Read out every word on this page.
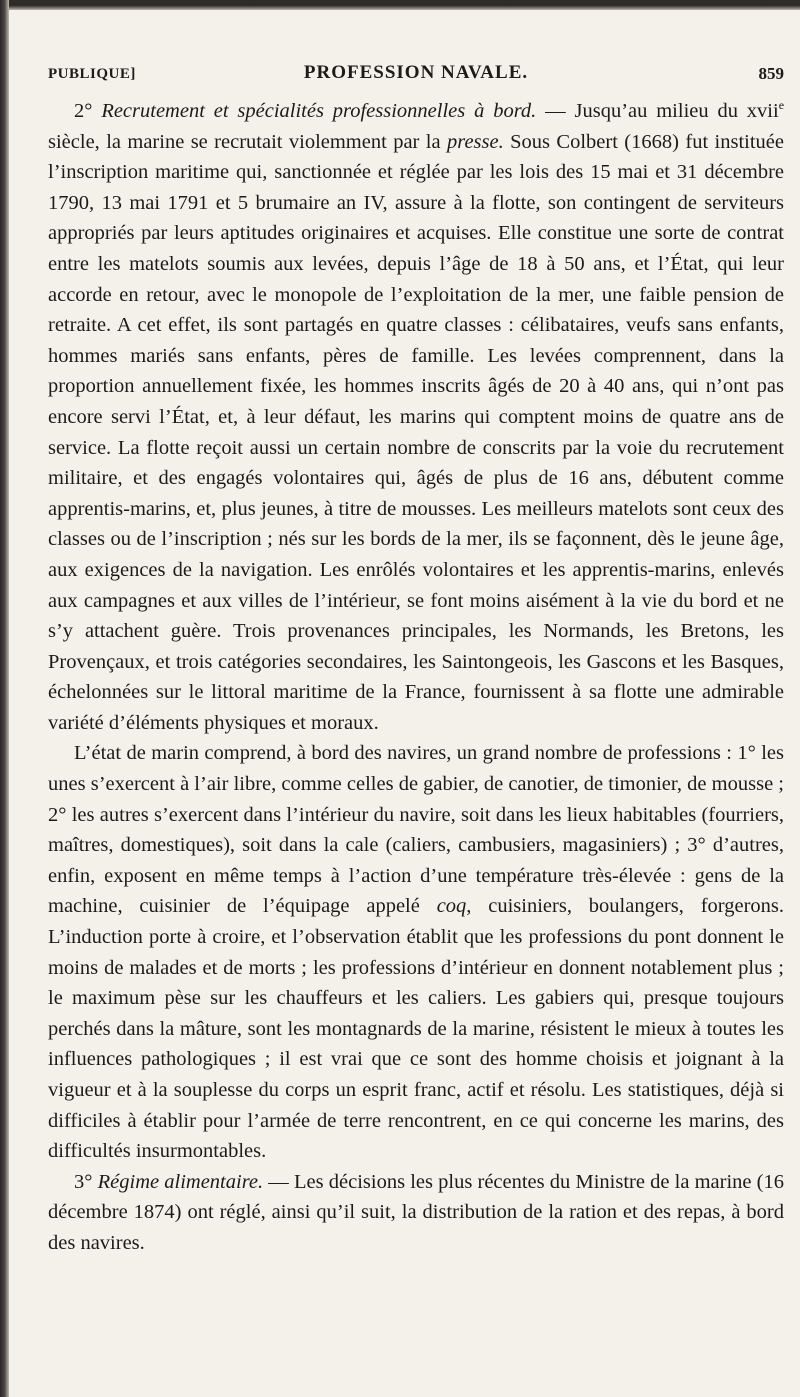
PUBLIQUE]	PROFESSION NAVALE.	859

2° Recrutement et spécialités professionnelles à bord. — Jusqu’au milieu du xvii$^e$ siècle, la marine se recrutait violemment par la presse. Sous Colbert (1668) fut instituée l’inscription maritime qui, sanctionnée et réglée par les lois des 15 mai et 31 décembre 1790, 13 mai 1791 et 5 brumaire an IV, assure à la flotte, son contingent de serviteurs appropriés par leurs aptitudes originaires et acquises. Elle constitue une sorte de contrat entre les matelots soumis aux levées, depuis l’âge de 18 à 50 ans, et l’État, qui leur accorde en retour, avec le monopole de l’exploitation de la mer, une faible pension de retraite. A cet effet, ils sont partagés en quatre classes : célibataires, veufs sans enfants, hommes mariés sans enfants, pères de famille. Les levées comprennent, dans la proportion annuellement fixée, les hommes inscrits âgés de 20 à 40 ans, qui n’ont pas encore servi l’État, et, à leur défaut, les marins qui comptent moins de quatre ans de service. La flotte reçoit aussi un certain nombre de conscrits par la voie du recrutement militaire, et des engagés volontaires qui, âgés de plus de 16 ans, débutent comme apprentis-marins, et, plus jeunes, à titre de mousses. Les meilleurs matelots sont ceux des classes ou de l’inscription ; nés sur les bords de la mer, ils se façonnent, dès le jeune âge, aux exigences de la navigation. Les enrôlés volontaires et les apprentis-marins, enlevés aux campagnes et aux villes de l’intérieur, se font moins aisément à la vie du bord et ne s’y attachent guère. Trois provenances principales, les Normands, les Bretons, les Provençaux, et trois catégories secondaires, les Saintongeois, les Gascons et les Basques, échelonnées sur le littoral maritime de la France, fournissent à sa flotte une admirable variété d’éléments physiques et moraux.

L’état de marin comprend, à bord des navires, un grand nombre de professions : 1° les unes s’exercent à l’air libre, comme celles de gabier, de canotier, de timonier, de mousse ; 2° les autres s’exercent dans l’intérieur du navire, soit dans les lieux habitables (fourriers, maîtres, domestiques), soit dans la cale (caliers, cambusiers, magasiniers) ; 3° d’autres, enfin, exposent en même temps à l’action d’une température très-élevée : gens de la machine, cuisinier de l’équipage appelé coq, cuisiniers, boulangers, forgerons. L’induction porte à croire, et l’observation établit que les professions du pont donnent le moins de malades et de morts ; les professions d’intérieur en donnent notablement plus ; le maximum pèse sur les chauffeurs et les caliers. Les gabiers qui, presque toujours perchés dans la mâture, sont les montagnards de la marine, résistent le mieux à toutes les influences pathologiques ; il est vrai que ce sont des homme choisis et joignant à la vigueur et à la souplesse du corps un esprit franc, actif et résolu. Les statistiques, déjà si difficiles à établir pour l’armée de terre rencontrent, en ce qui concerne les marins, des difficultés insurmontables.

3° Régime alimentaire. — Les décisions les plus récentes du Ministre de la marine (16 décembre 1874) ont réglé, ainsi qu’il suit, la distribution de la ration et des repas, à bord des navires.
